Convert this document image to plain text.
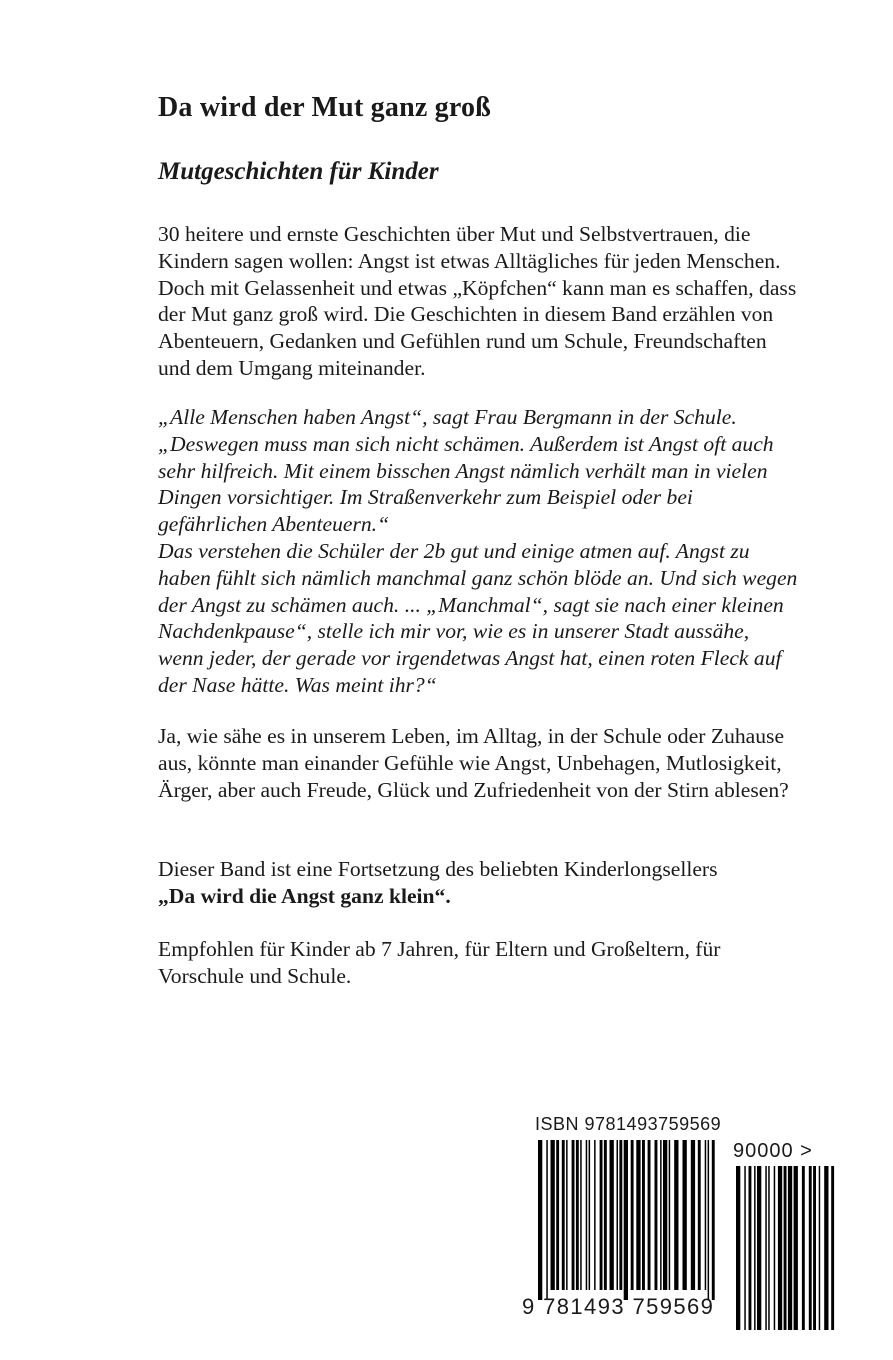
Da wird der Mut ganz groß
Mutgeschichten für Kinder

30 heitere und ernste Geschichten über Mut und Selbstvertrauen, die Kindern sagen wollen: Angst ist etwas Alltägliches für jeden Menschen. Doch mit Gelassenheit und etwas „Köpfchen“ kann man es schaffen, dass der Mut ganz groß wird. Die Geschichten in diesem Band erzählen von Abenteuern, Gedanken und Gefühlen rund um Schule, Freundschaften und dem Umgang miteinander.

„Alle Menschen haben Angst“, sagt Frau Bergmann in der Schule.
„Deswegen muss man sich nicht schämen. Außerdem ist Angst oft auch sehr hilfreich. Mit einem bisschen Angst nämlich verhält man in vielen Dingen vorsichtiger. Im Straßenverkehr zum Beispiel oder bei gefährlichen Abenteuern.“
Das verstehen die Schüler der 2b gut und einige atmen auf. Angst zu haben fühlt sich nämlich manchmal ganz schön blöde an. Und sich wegen der Angst zu schämen auch. ... „Manchmal“, sagt sie nach einer kleinen Nachdenkpause“, stelle ich mir vor, wie es in unserer Stadt aussähe, wenn jeder, der gerade vor irgendetwas Angst hat, einen roten Fleck auf der Nase hätte. Was meint ihr?“

Ja, wie sähe es in unserem Leben, im Alltag, in der Schule oder Zuhause aus, könnte man einander Gefühle wie Angst, Unbehagen, Mutlosigkeit, Ärger, aber auch Freude, Glück und Zufriedenheit von der Stirn ablesen?

Dieser Band ist eine Fortsetzung des beliebten Kinderlongsellers
„Da wird die Angst ganz klein“.

Empfohlen für Kinder ab 7 Jahren, für Eltern und Großeltern, für Vorschule und Schule.

ISBN 9781493759569
90000 >
9 781493 759569
